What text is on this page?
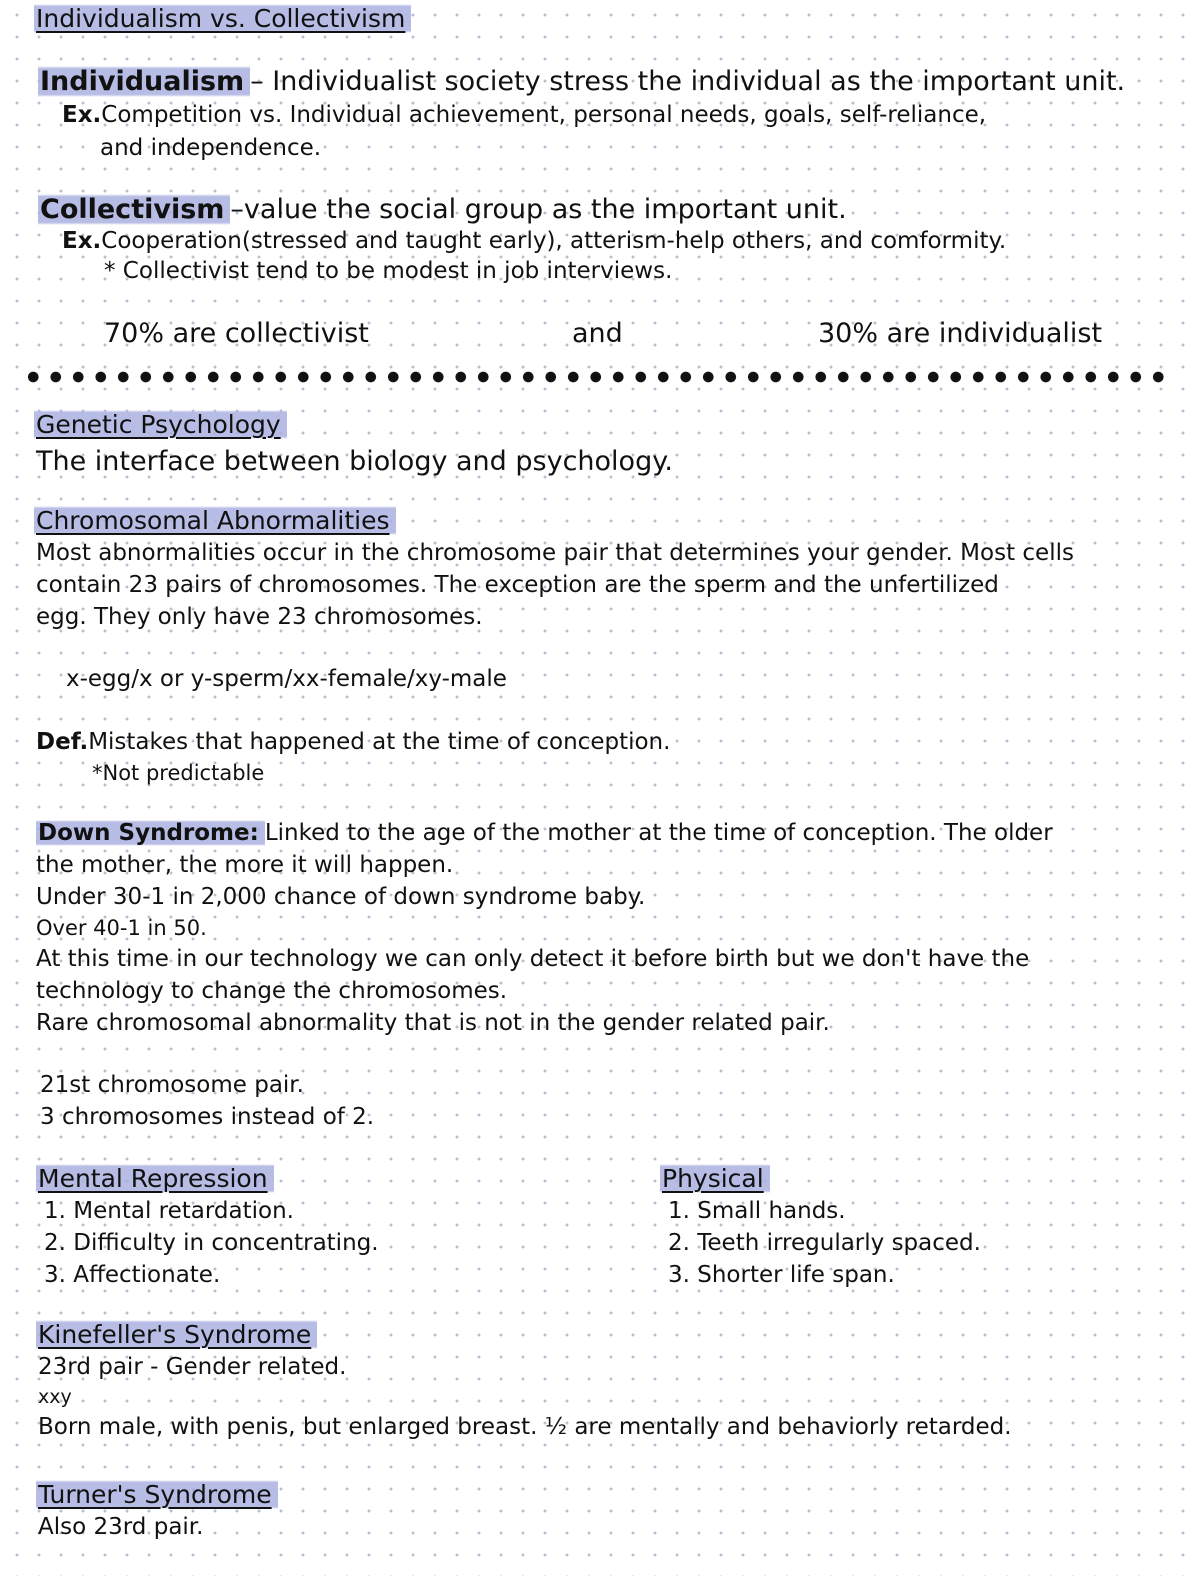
Individualism vs. Collectivism
Individualism – Individualist society stress the individual as the important unit.
Ex.Competition vs. Individual achievement, personal needs, goals, self-reliance,
and independence.
Collectivism –value the social group as the important unit.
Ex.Cooperation(stressed and taught early), atterism-help others, and comformity.
* Collectivist tend to be modest in job interviews.
70% are collectivist	and	30% are individualist
Genetic Psychology
The interface between biology and psychology.
Chromosomal Abnormalities
Most abnormalities occur in the chromosome pair that determines your gender. Most cells
contain 23 pairs of chromosomes. The exception are the sperm and the unfertilized
egg. They only have 23 chromosomes.
x-egg/x or y-sperm/xx-female/xy-male
Def.Mistakes that happened at the time of conception.
*Not predictable
Down Syndrome: Linked to the age of the mother at the time of conception. The older
the mother, the more it will happen.
Under 30-1 in 2,000 chance of down syndrome baby.
Over 40-1 in 50.
At this time in our technology we can only detect it before birth but we don't have the
technology to change the chromosomes.
Rare chromosomal abnormality that is not in the gender related pair.
21st chromosome pair.
3 chromosomes instead of 2.
Mental Repression
1. Mental retardation.
2. Difficulty in concentrating.
3. Affectionate.
Physical
1. Small hands.
2. Teeth irregularly spaced.
3. Shorter life span.
Kinefeller's Syndrome
23rd pair - Gender related.
xxy
Born male, with penis, but enlarged breast. ½ are mentally and behaviorly retarded.
Turner's Syndrome
Also 23rd pair.
